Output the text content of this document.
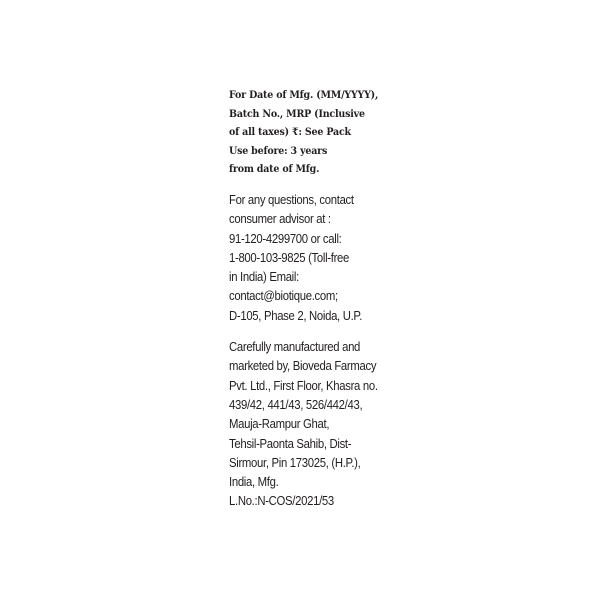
For Date of Mfg. (MM/YYYY),
Batch No., MRP (Inclusive
of all taxes) ₹: See Pack
Use before: 3 years
from date of Mfg.
For any questions, contact
consumer advisor at :
91-120-4299700 or call:
1-800-103-9825 (Toll-free
in India) Email:
contact@biotique.com;
D-105, Phase 2, Noida, U.P.
Carefully manufactured and
marketed by, Bioveda Farmacy
Pvt. Ltd., First Floor, Khasra no.
439/42, 441/43, 526/442/43,
Mauja-Rampur Ghat,
Tehsil-Paonta Sahib, Dist-
Sirmour, Pin 173025, (H.P.),
India, Mfg.
L.No.:N-COS/2021/53
